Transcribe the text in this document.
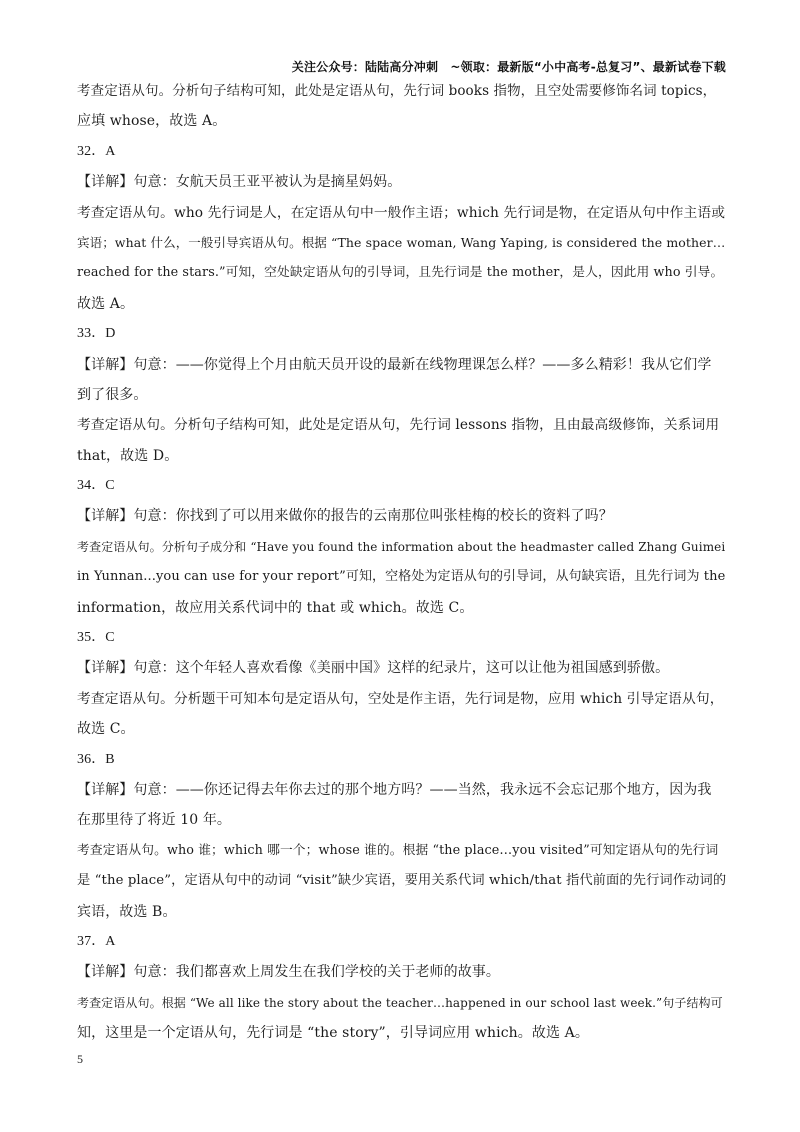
关注公众号：陆陆高分冲刺　~领取：最新版“小中高考-总复习”、最新试卷下载
考查定语从句。分析句子结构可知，此处是定语从句，先行词 books 指物，且空处需要修饰名词 topics，
应填 whose，故选 A。
32．A
【详解】句意：女航天员王亚平被认为是摘星妈妈。
考查定语从句。who 先行词是人，在定语从句中一般作主语；which 先行词是物，在定语从句中作主语或
宾语；what 什么，一般引导宾语从句。根据 “The space woman, Wang Yaping, is considered the mother…
reached for the stars.”可知，空处缺定语从句的引导词，且先行词是 the mother，是人，因此用 who 引导。
故选 A。
33．D
【详解】句意：——你觉得上个月由航天员开设的最新在线物理课怎么样？——多么精彩！我从它们学
到了很多。
考查定语从句。分析句子结构可知，此处是定语从句，先行词 lessons 指物，且由最高级修饰，关系词用
that，故选 D。
34．C
【详解】句意：你找到了可以用来做你的报告的云南那位叫张桂梅的校长的资料了吗？
考查定语从句。分析句子成分和 “Have you found the information about the headmaster called Zhang Guimei
in Yunnan...you can use for your report”可知，空格处为定语从句的引导词，从句缺宾语，且先行词为 the
information，故应用关系代词中的 that 或 which。故选 C。
35．C
【详解】句意：这个年轻人喜欢看像《美丽中国》这样的纪录片，这可以让他为祖国感到骄傲。
考查定语从句。分析题干可知本句是定语从句，空处是作主语，先行词是物，应用 which 引导定语从句，
故选 C。
36．B
【详解】句意：——你还记得去年你去过的那个地方吗？——当然，我永远不会忘记那个地方，因为我
在那里待了将近 10 年。
考查定语从句。who 谁；which 哪一个；whose 谁的。根据 “the place…you visited”可知定语从句的先行词
是 “the place”，定语从句中的动词 “visit”缺少宾语，要用关系代词 which/that 指代前面的先行词作动词的
宾语，故选 B。
37．A
【详解】句意：我们都喜欢上周发生在我们学校的关于老师的故事。
考查定语从句。根据 “We all like the story about the teacher…happened in our school last week.”句子结构可
知，这里是一个定语从句，先行词是 “the story”，引导词应用 which。故选 A。
5
